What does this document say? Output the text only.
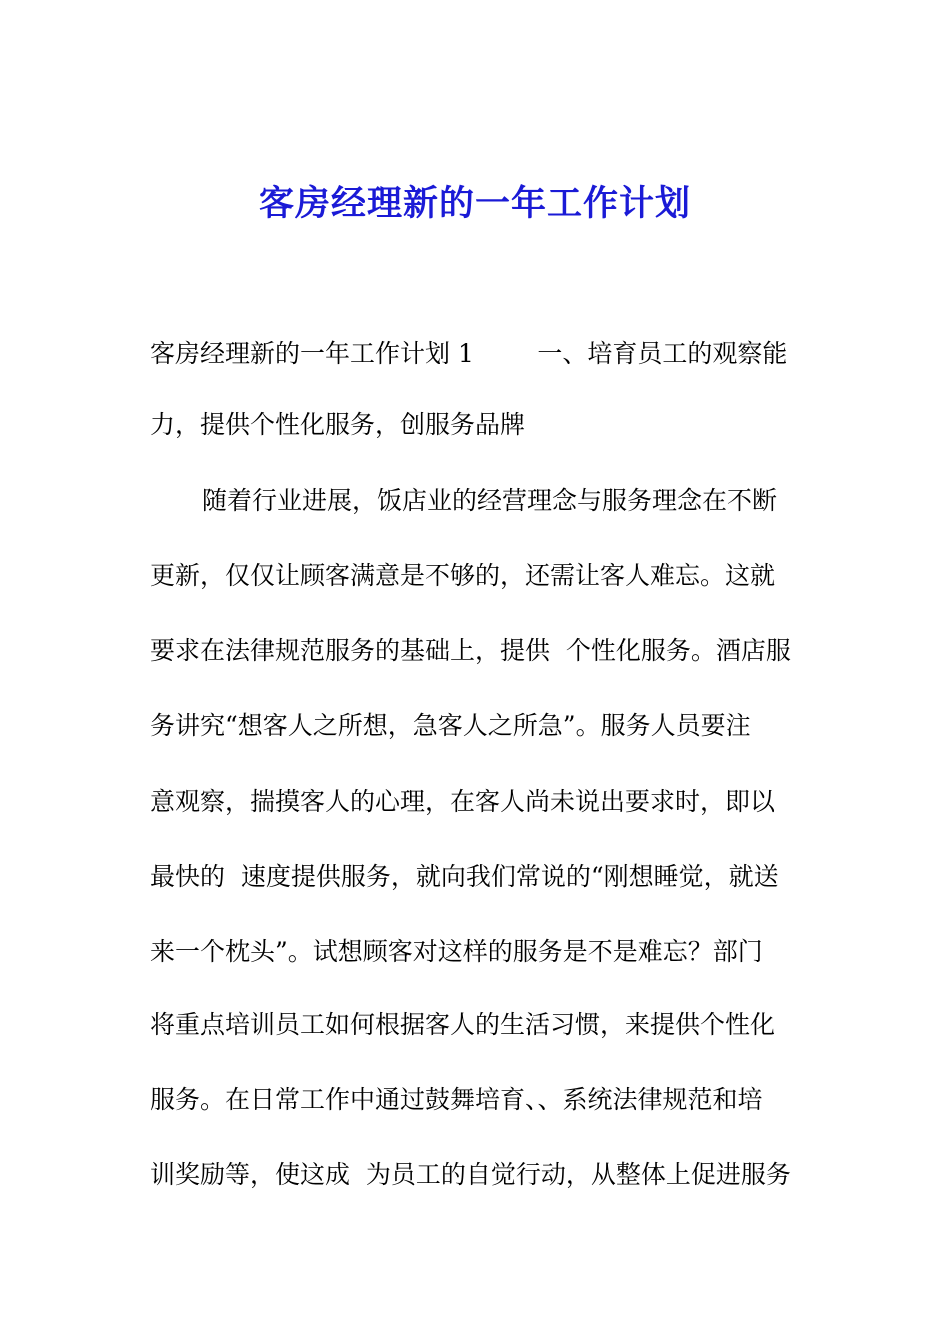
客房经理新的一年工作计划
客房经理新的一年工作计划 1        一、培育员工的观察能
力，提供个性化服务，创服务品牌
随着行业进展，饭店业的经营理念与服务理念在不断
更新，仅仅让顾客满意是不够的，还需让客人难忘。这就
要求在法律规范服务的基础上，提供  个性化服务。酒店服
务讲究“想客人之所想，急客人之所急”。服务人员要注
意观察，揣摸客人的心理，在客人尚未说出要求时，即以
最快的  速度提供服务，就向我们常说的“刚想睡觉，就送
来一个枕头”。试想顾客对这样的服务是不是难忘？部门
将重点培训员工如何根据客人的生活习惯，来提供个性化
服务。在日常工作中通过鼓舞培育、、系统法律规范和培
训奖励等，使这成  为员工的自觉行动，从整体上促进服务
